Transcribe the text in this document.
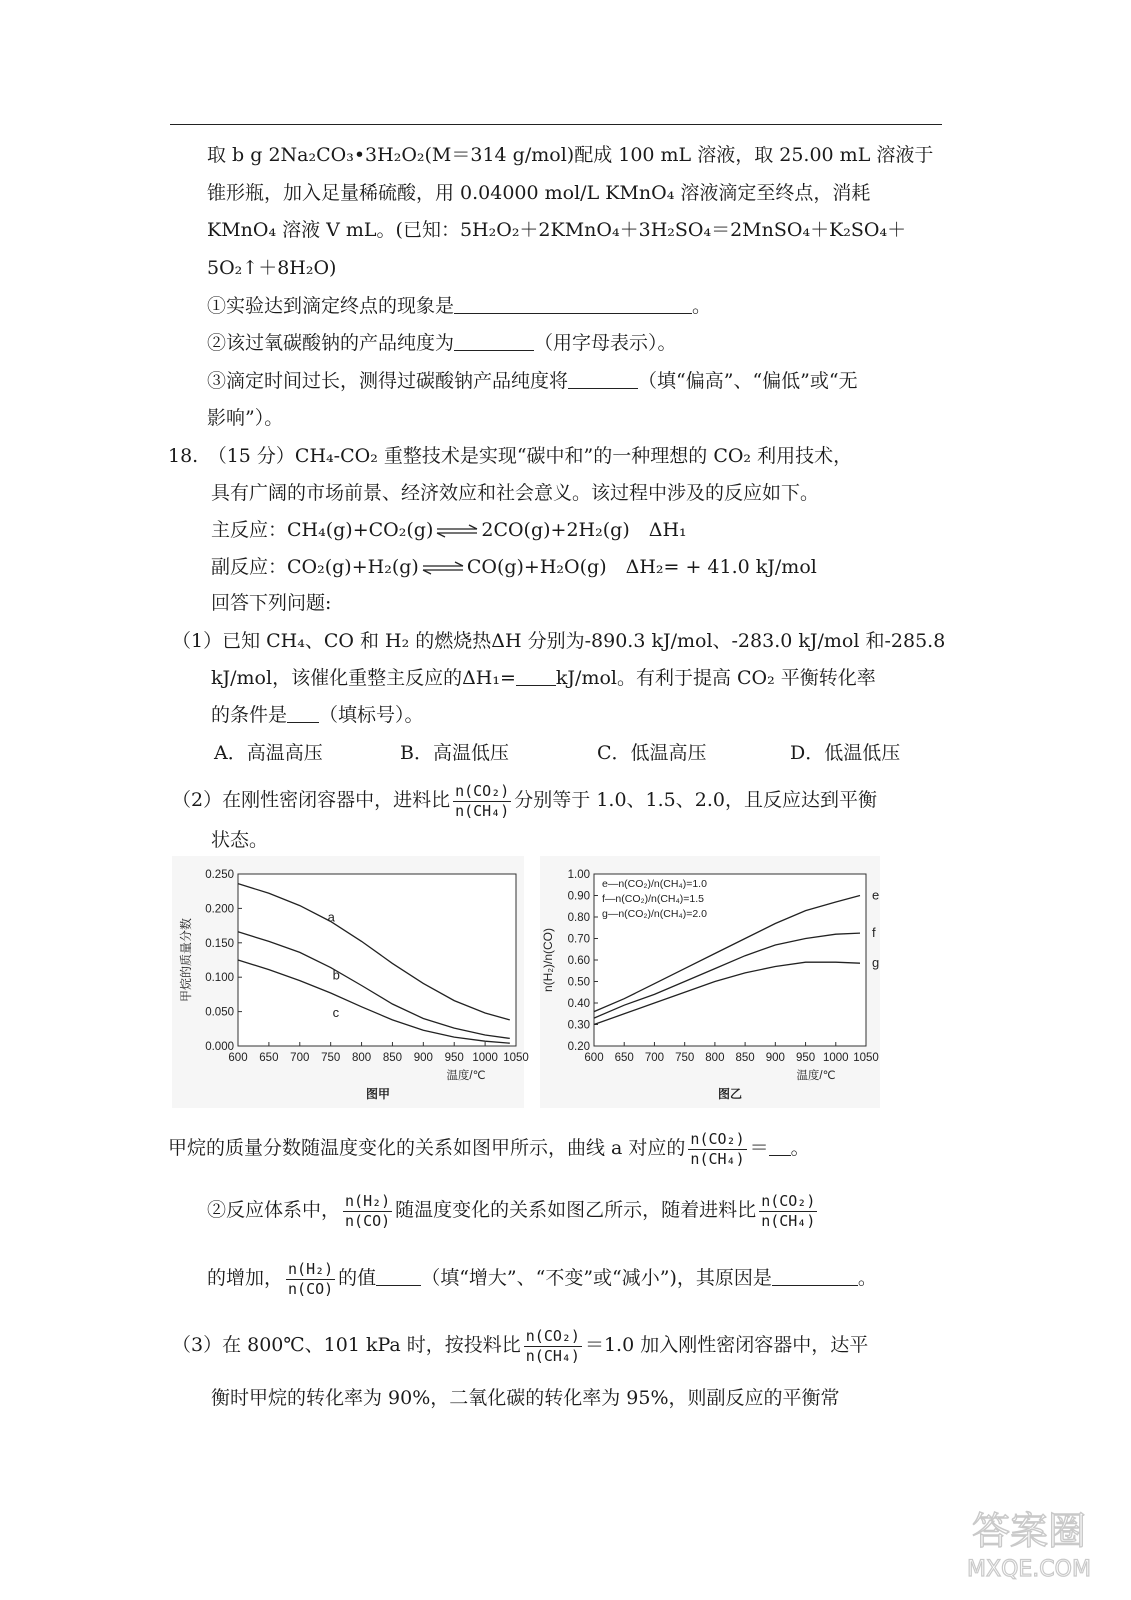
取 b g 2Na₂CO₃•3H₂O₂(M＝314 g/mol)配成 100 mL 溶液，取 25.00 mL 溶液于
锥形瓶，加入足量稀硫酸，用 0.04000 mol/L KMnO₄ 溶液滴定至终点，消耗
KMnO₄ 溶液 V mL。(已知：5H₂O₂＋2KMnO₄＋3H₂SO₄＝2MnSO₄＋K₂SO₄＋
5O₂↑＋8H₂O)
①实验达到滴定终点的现象是	。
②该过氧碳酸钠的产品纯度为	（用字母表示）。
③滴定时间过长，测得过碳酸钠产品纯度将	（填“偏高”、“偏低”或“无
影响”）。
18.　（15 分）CH₄-CO₂ 重整技术是实现“碳中和”的一种理想的 CO₂ 利用技术，
具有广阔的市场前景、经济效应和社会意义。该过程中涉及的反应如下。
主反应：CH₄(g)+CO₂(g) ⇌ 2CO(g)+2H₂(g)　ΔH₁
副反应：CO₂(g)+H₂(g) ⇌ CO(g)+H₂O(g)　ΔH₂= + 41.0 kJ/mol
回答下列问题:
（1）已知 CH₄、CO 和 H₂ 的燃烧热ΔH 分别为-890.3 kJ/mol、-283.0 kJ/mol 和-285.8
kJ/mol，该催化重整主反应的ΔH₁= kJ/mol。有利于提高 CO₂ 平衡转化率
的条件是 （填标号）。
A．高温高压	B．高温低压	C．低温高压	D．低温低压
（2）在刚性密闭容器中，进料比 $\frac{\text{n(CO₂)}}{\text{n(CH₄)}}$ 分别等于 1.0、1.5、2.0，且反应达到平衡
状态。
600 650 700 750 800 850 900 950 1000 1050
0.000
0.050
0.100
0.150
0.200
0.250
温度/℃
甲烷的质量分数
图甲
a
b
c
600 650 700 750 800 850 900 950 1000 1050
0.20
0.30
0.40
0.50
0.60
0.70
0.80
0.90
1.00
温度/℃
n(H₂)/n(CO)
图乙
e
f
g
e—n(CO₂)/n(CH₄)=1.0
f—n(CO₂)/n(CH₄)=1.5
g—n(CO₂)/n(CH₄)=2.0
甲烷的质量分数随温度变化的关系如图甲所示，曲线 a 对应的 $\frac{\text{n(CO₂)}}{\text{n(CH₄)}}$ ＝ 。
②反应体系中， $\frac{\text{n(H₂)}}{n(CO)}$ 随温度变化的关系如图乙所示，随着进料比 $\frac{\text{n(CO₂)}}{\text{n(CH₄)}}$
的增加， $\frac{\text{n(H₂)}}{n(CO)}$ 的值 （填“增大”、“不变”或“减小”)，其原因是	。
（3）在 800℃、101 kPa 时，按投料比 $\frac{\text{n(CO₂)}}{\text{n(CH₄)}} =1.0$ 加入刚性密闭容器中，达平
衡时甲烷的转化率为 90%，二氧化碳的转化率为 95%，则副反应的平衡常
答案圈
MXQE.COM
